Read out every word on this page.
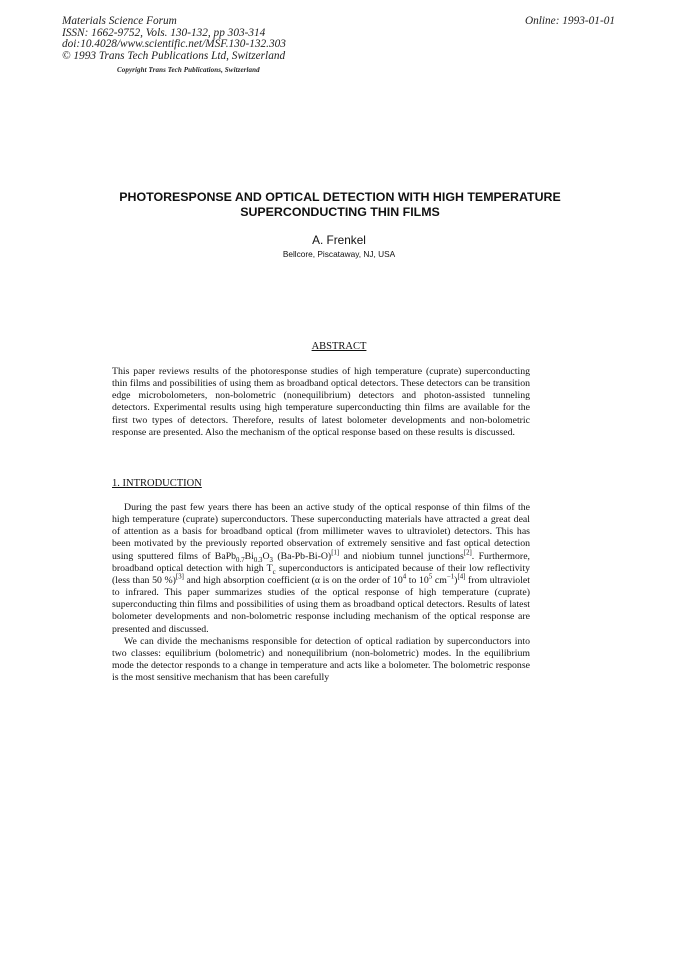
Materials Science Forum
ISSN: 1662-9752, Vols. 130-132, pp 303-314
doi:10.4028/www.scientific.net/MSF.130-132.303
© 1993 Trans Tech Publications Ltd, Switzerland
Online: 1993-01-01
Copyright Trans Tech Publications, Switzerland
PHOTORESPONSE AND OPTICAL DETECTION WITH HIGH TEMPERATURE SUPERCONDUCTING THIN FILMS
A. Frenkel
Bellcore, Piscataway, NJ, USA
ABSTRACT

This paper reviews results of the photoresponse studies of high temperature (cuprate) superconducting thin films and possibilities of using them as broadband optical detectors. These detectors can be transition edge microbolometers, non-bolometric (nonequilibrium) detectors and photon-assisted tunneling detectors. Experimental results using high temperature superconducting thin films are available for the first two types of detectors. Therefore, results of latest bolometer developments and non-bolometric response are presented. Also the mechanism of the optical response based on these results is discussed.

1. INTRODUCTION

During the past few years there has been an active study of the optical response of thin films of the high temperature (cuprate) superconductors. These superconducting materials have attracted a great deal of attention as a basis for broadband optical (from millimeter waves to ultraviolet) detectors. This has been motivated by the previously reported observation of extremely sensitive and fast optical detection using sputtered films of $BaPb_{0.7}Bi_{0.3}O_3$ (Ba-Pb-Bi-O)[1] and niobium tunnel junctions[2]. Furthermore, broadband optical detection with high $T_c$ superconductors is anticipated because of their low reflectivity (less than 50 %)[3] and high absorption coefficient (α is on the order of $10^4$ to $10^5$ $cm^{-1})[4]$ from ultraviolet to infrared. This paper summarizes studies of the optical response of high temperature (cuprate) superconducting thin films and possibilities of using them as broadband optical detectors. Results of latest bolometer developments and non-bolometric response including mechanism of the optical response are presented and discussed.

We can divide the mechanisms responsible for detection of optical radiation by superconductors into two classes: equilibrium (bolometric) and nonequilibrium (non-bolometric) modes. In the equilibrium mode the detector responds to a change in temperature and acts like a bolometer. The bolometric response is the most sensitive mechanism that has been carefully
